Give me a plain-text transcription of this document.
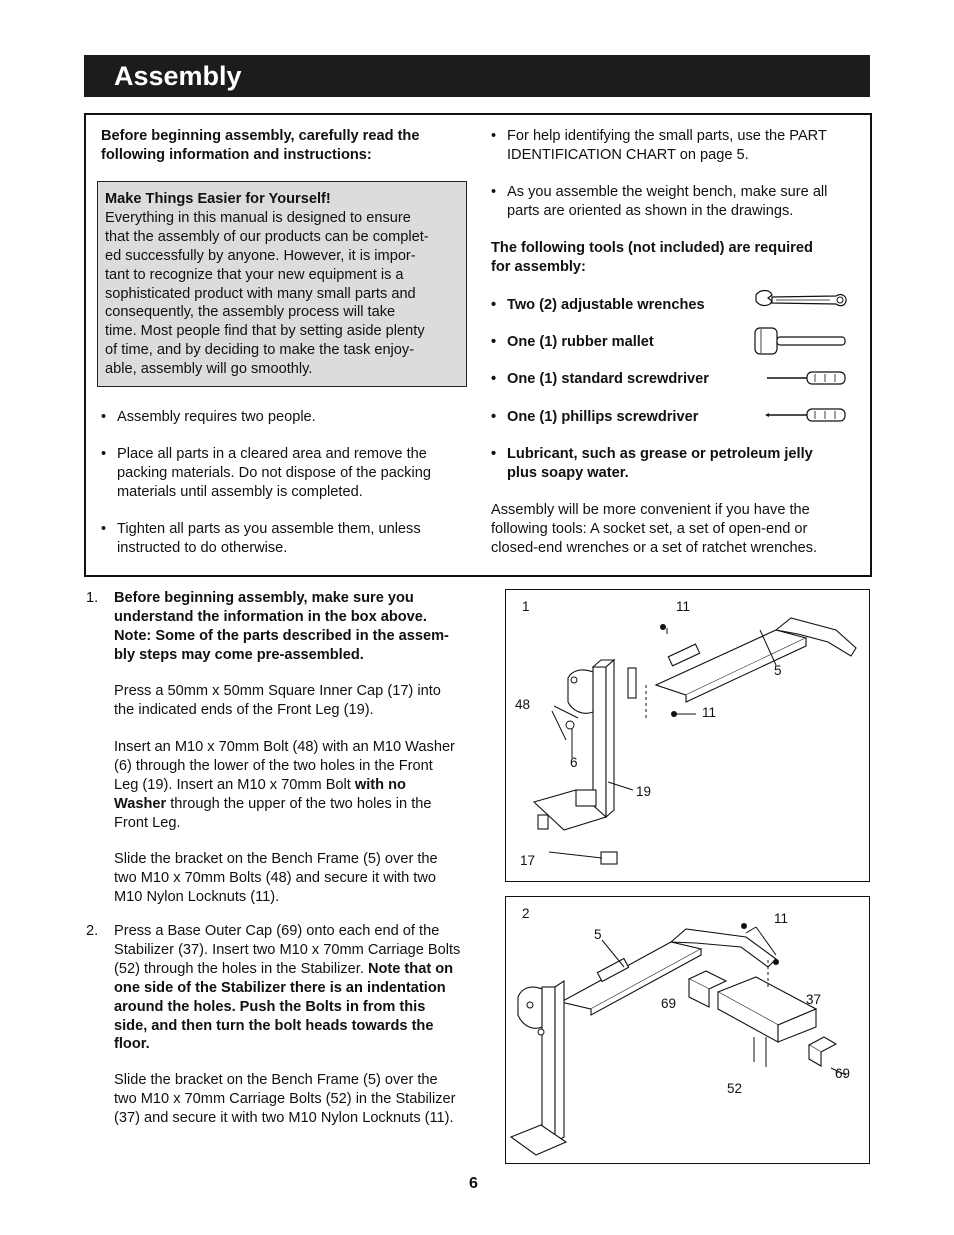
Assembly
Before beginning assembly, carefully read the following information and instructions:
Make Things Easier for Yourself!
Everything in this manual is designed to ensure
that the assembly of our products can be complet-
ed successfully by anyone. However, it is impor-
tant to recognize that your new equipment is a
sophisticated product with many small parts and
consequently, the assembly process will take
time. Most people find that by setting aside plenty
of time, and by deciding to make the task enjoy-
able, assembly will go smoothly.
• Assembly requires two people.
• Place all parts in a cleared area and remove the
packing materials. Do not dispose of the packing
materials until assembly is completed.
• Tighten all parts as you assemble them, unless
instructed to do otherwise.
• For help identifying the small parts, use the PART
IDENTIFICATION CHART on page 5.
• As you assemble the weight bench, make sure all
parts are oriented as shown in the drawings.
The following tools (not included) are required
for assembly:
• Two (2) adjustable wrenches
• One (1) rubber mallet
• One (1) standard screwdriver
• One (1) phillips screwdriver
• Lubricant, such as grease or petroleum jelly
plus soapy water.
Assembly will be more convenient if you have the
following tools: A socket set, a set of open-end or
closed-end wrenches or a set of ratchet wrenches.
1. Before beginning assembly, make sure you
understand the information in the box above.
Note: Some of the parts described in the assem-
bly steps may come pre-assembled.
Press a 50mm x 50mm Square Inner Cap (17) into
the indicated ends of the Front Leg (19).
Insert an M10 x 70mm Bolt (48) with an M10 Washer
(6) through the lower of the two holes in the Front
Leg (19). Insert an M10 x 70mm Bolt with no
Washer through the upper of the two holes in the
Front Leg.
Slide the bracket on the Bench Frame (5) over the
two M10 x 70mm Bolts (48) and secure it with two
M10 Nylon Locknuts (11).
2. Press a Base Outer Cap (69) onto each end of the
Stabilizer (37). Insert two M10 x 70mm Carriage Bolts
(52) through the holes in the Stabilizer. Note that on
one side of the Stabilizer there is an indentation
around the holes. Push the Bolts in from this
side, and then turn the bolt heads towards the
floor.
Slide the bracket on the Bench Frame (5) over the
two M10 x 70mm Carriage Bolts (52) in the Stabilizer
(37) and secure it with two M10 Nylon Locknuts (11).
1	11
5
48
11
6
19
17
2	11
5
69	37
52
69
6
